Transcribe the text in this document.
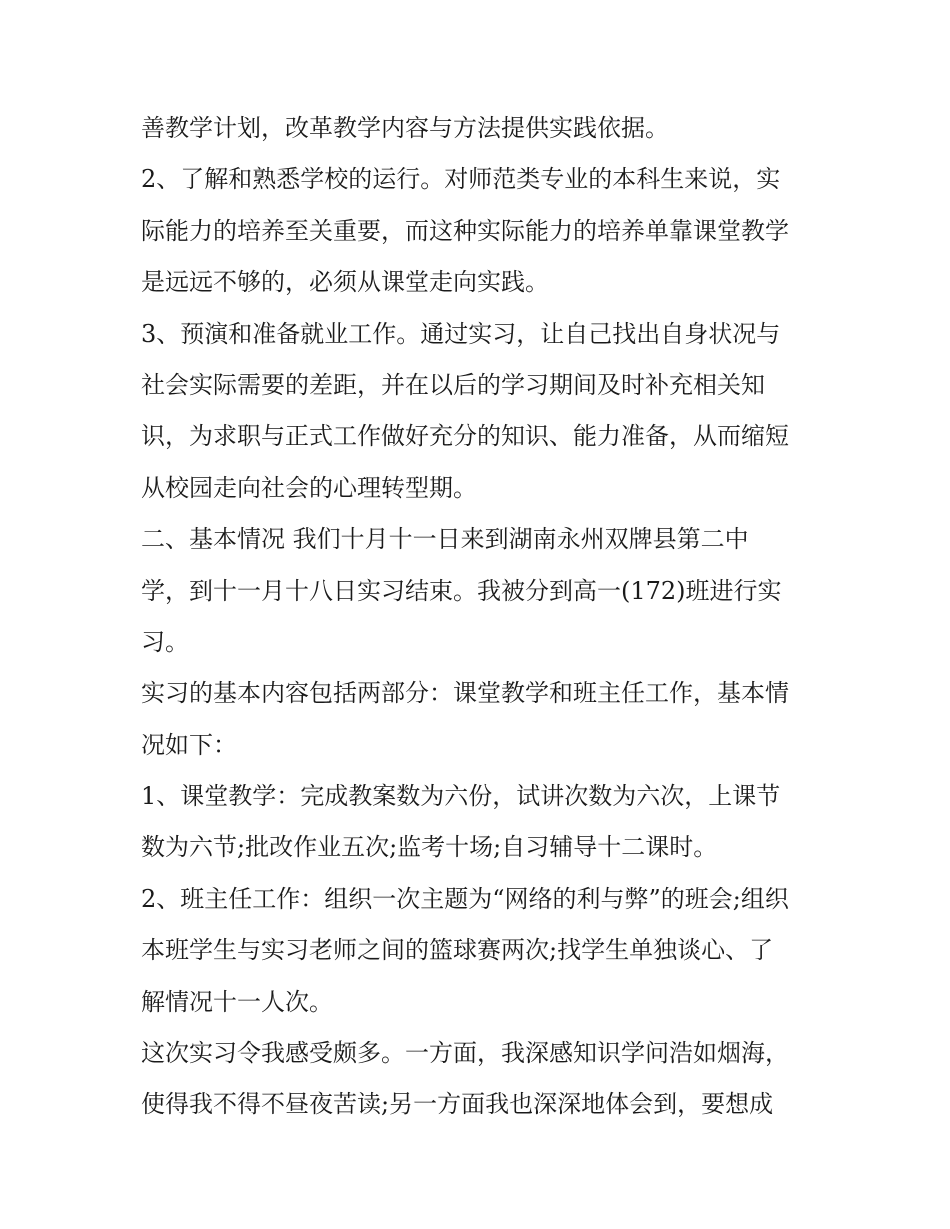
善教学计划，改革教学内容与方法提供实践依据。
2、了解和熟悉学校的运行。对师范类专业的本科生来说，实
际能力的培养至关重要，而这种实际能力的培养单靠课堂教学
是远远不够的，必须从课堂走向实践。
3、预演和准备就业工作。通过实习，让自己找出自身状况与
社会实际需要的差距，并在以后的学习期间及时补充相关知
识，为求职与正式工作做好充分的知识、能力准备，从而缩短
从校园走向社会的心理转型期。
二、基本情况 我们十月十一日来到湖南永州双牌县第二中
学，到十一月十八日实习结束。我被分到高一(172)班进行实
习。
实习的基本内容包括两部分：课堂教学和班主任工作，基本情
况如下：
1、课堂教学：完成教案数为六份，试讲次数为六次，上课节
数为六节;批改作业五次;监考十场;自习辅导十二课时。
2、班主任工作：组织一次主题为“网络的利与弊”的班会;组织
本班学生与实习老师之间的篮球赛两次;找学生单独谈心、了
解情况十一人次。
这次实习令我感受颇多。一方面，我深感知识学问浩如烟海，
使得我不得不昼夜苦读;另一方面我也深深地体会到，要想成
